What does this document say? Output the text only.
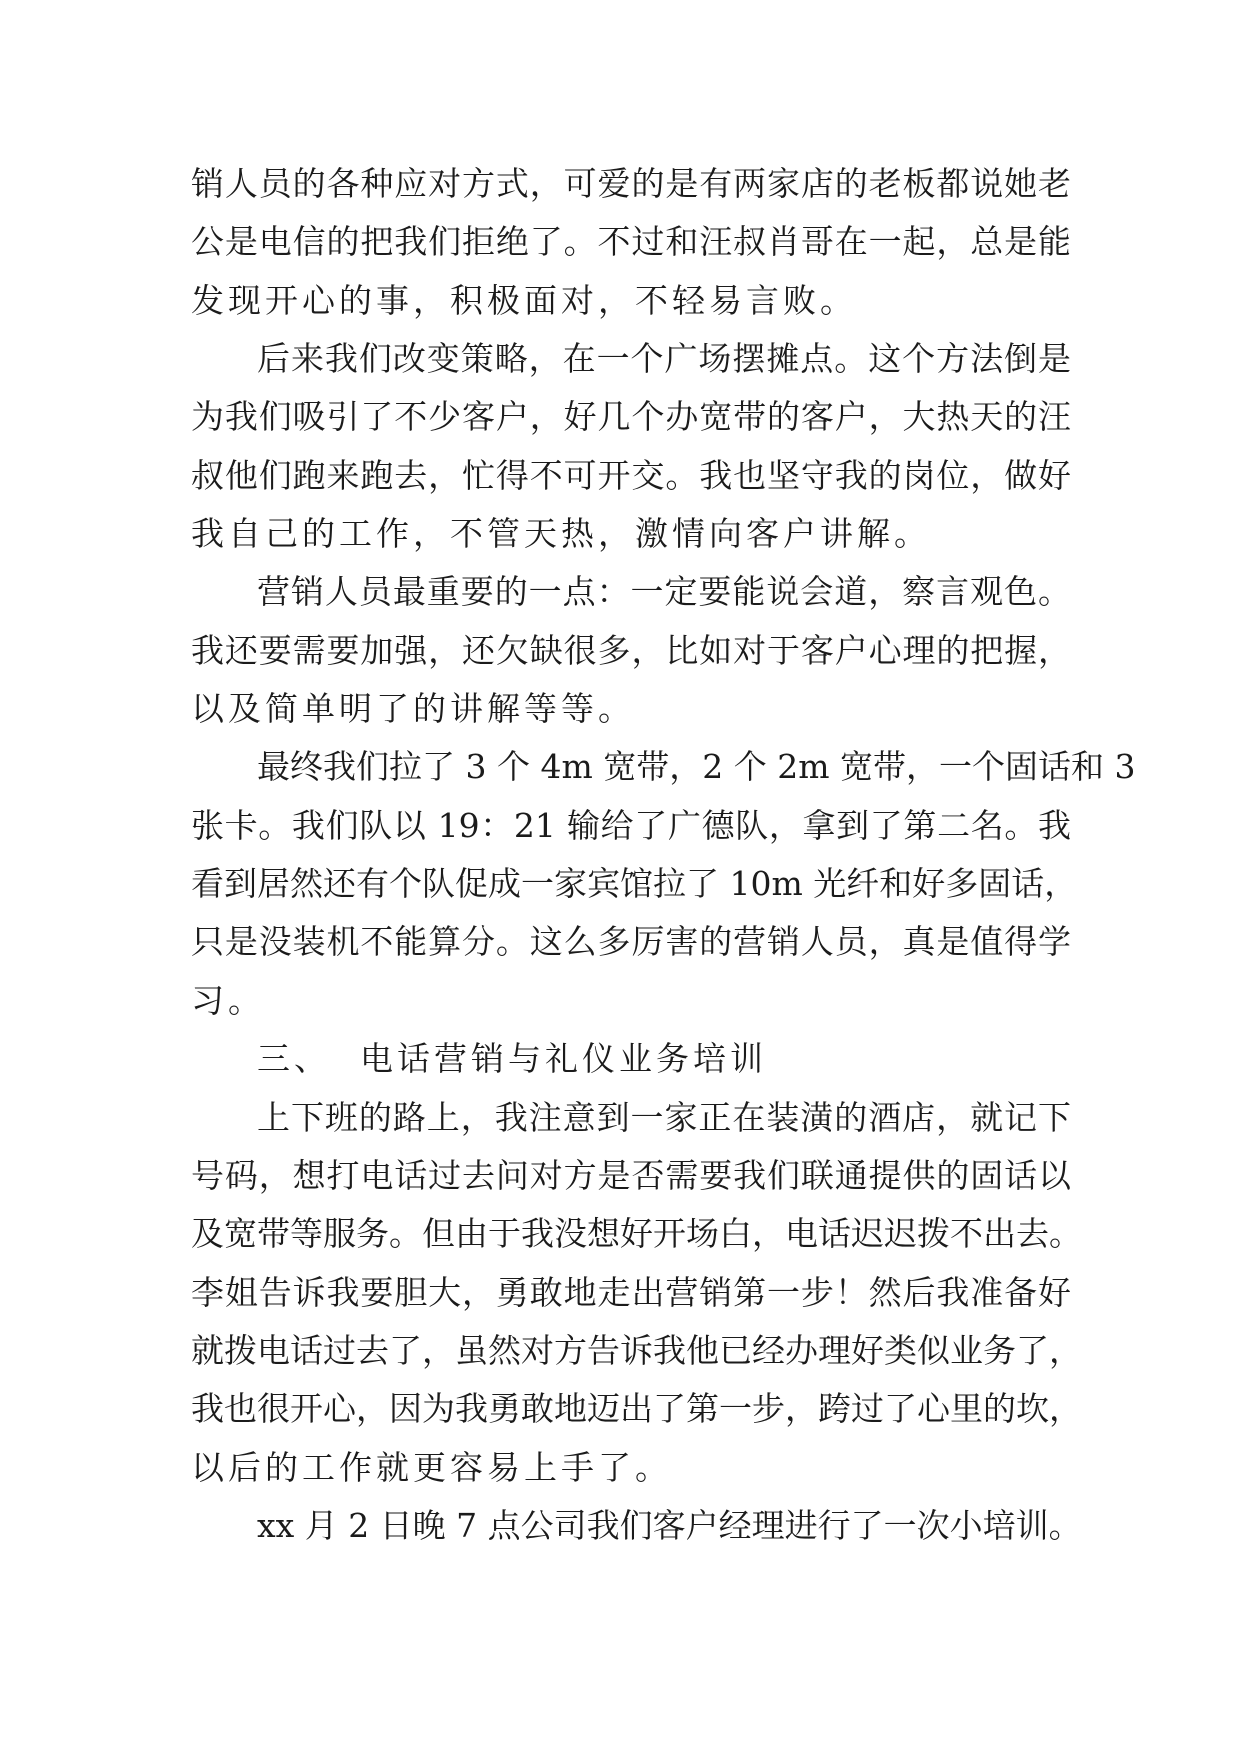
销人员的各种应对方式，可爱的是有两家店的老板都说她老
公是电信的把我们拒绝了。不过和汪叔肖哥在一起，总是能
发现开心的事，积极面对，不轻易言败。
后来我们改变策略，在一个广场摆摊点。这个方法倒是
为我们吸引了不少客户，好几个办宽带的客户，大热天的汪
叔他们跑来跑去，忙得不可开交。我也坚守我的岗位，做好
我自己的工作，不管天热，激情向客户讲解。
营销人员最重要的一点：一定要能说会道，察言观色。
我还要需要加强，还欠缺很多，比如对于客户心理的把握，
以及简单明了的讲解等等。
最终我们拉了 3 个 4m 宽带，2 个 2m 宽带，一个固话和 3
张卡。我们队以 19：21 输给了广德队，拿到了第二名。我
看到居然还有个队促成一家宾馆拉了 10m 光纤和好多固话，
只是没装机不能算分。这么多厉害的营销人员，真是值得学
习。
三、  电话营销与礼仪业务培训
上下班的路上，我注意到一家正在装潢的酒店，就记下
号码，想打电话过去问对方是否需要我们联通提供的固话以
及宽带等服务。但由于我没想好开场白，电话迟迟拨不出去。
李姐告诉我要胆大，勇敢地走出营销第一步！然后我准备好
就拨电话过去了，虽然对方告诉我他已经办理好类似业务了，
我也很开心，因为我勇敢地迈出了第一步，跨过了心里的坎，
以后的工作就更容易上手了。
xx 月 2 日晚 7 点公司我们客户经理进行了一次小培训。
